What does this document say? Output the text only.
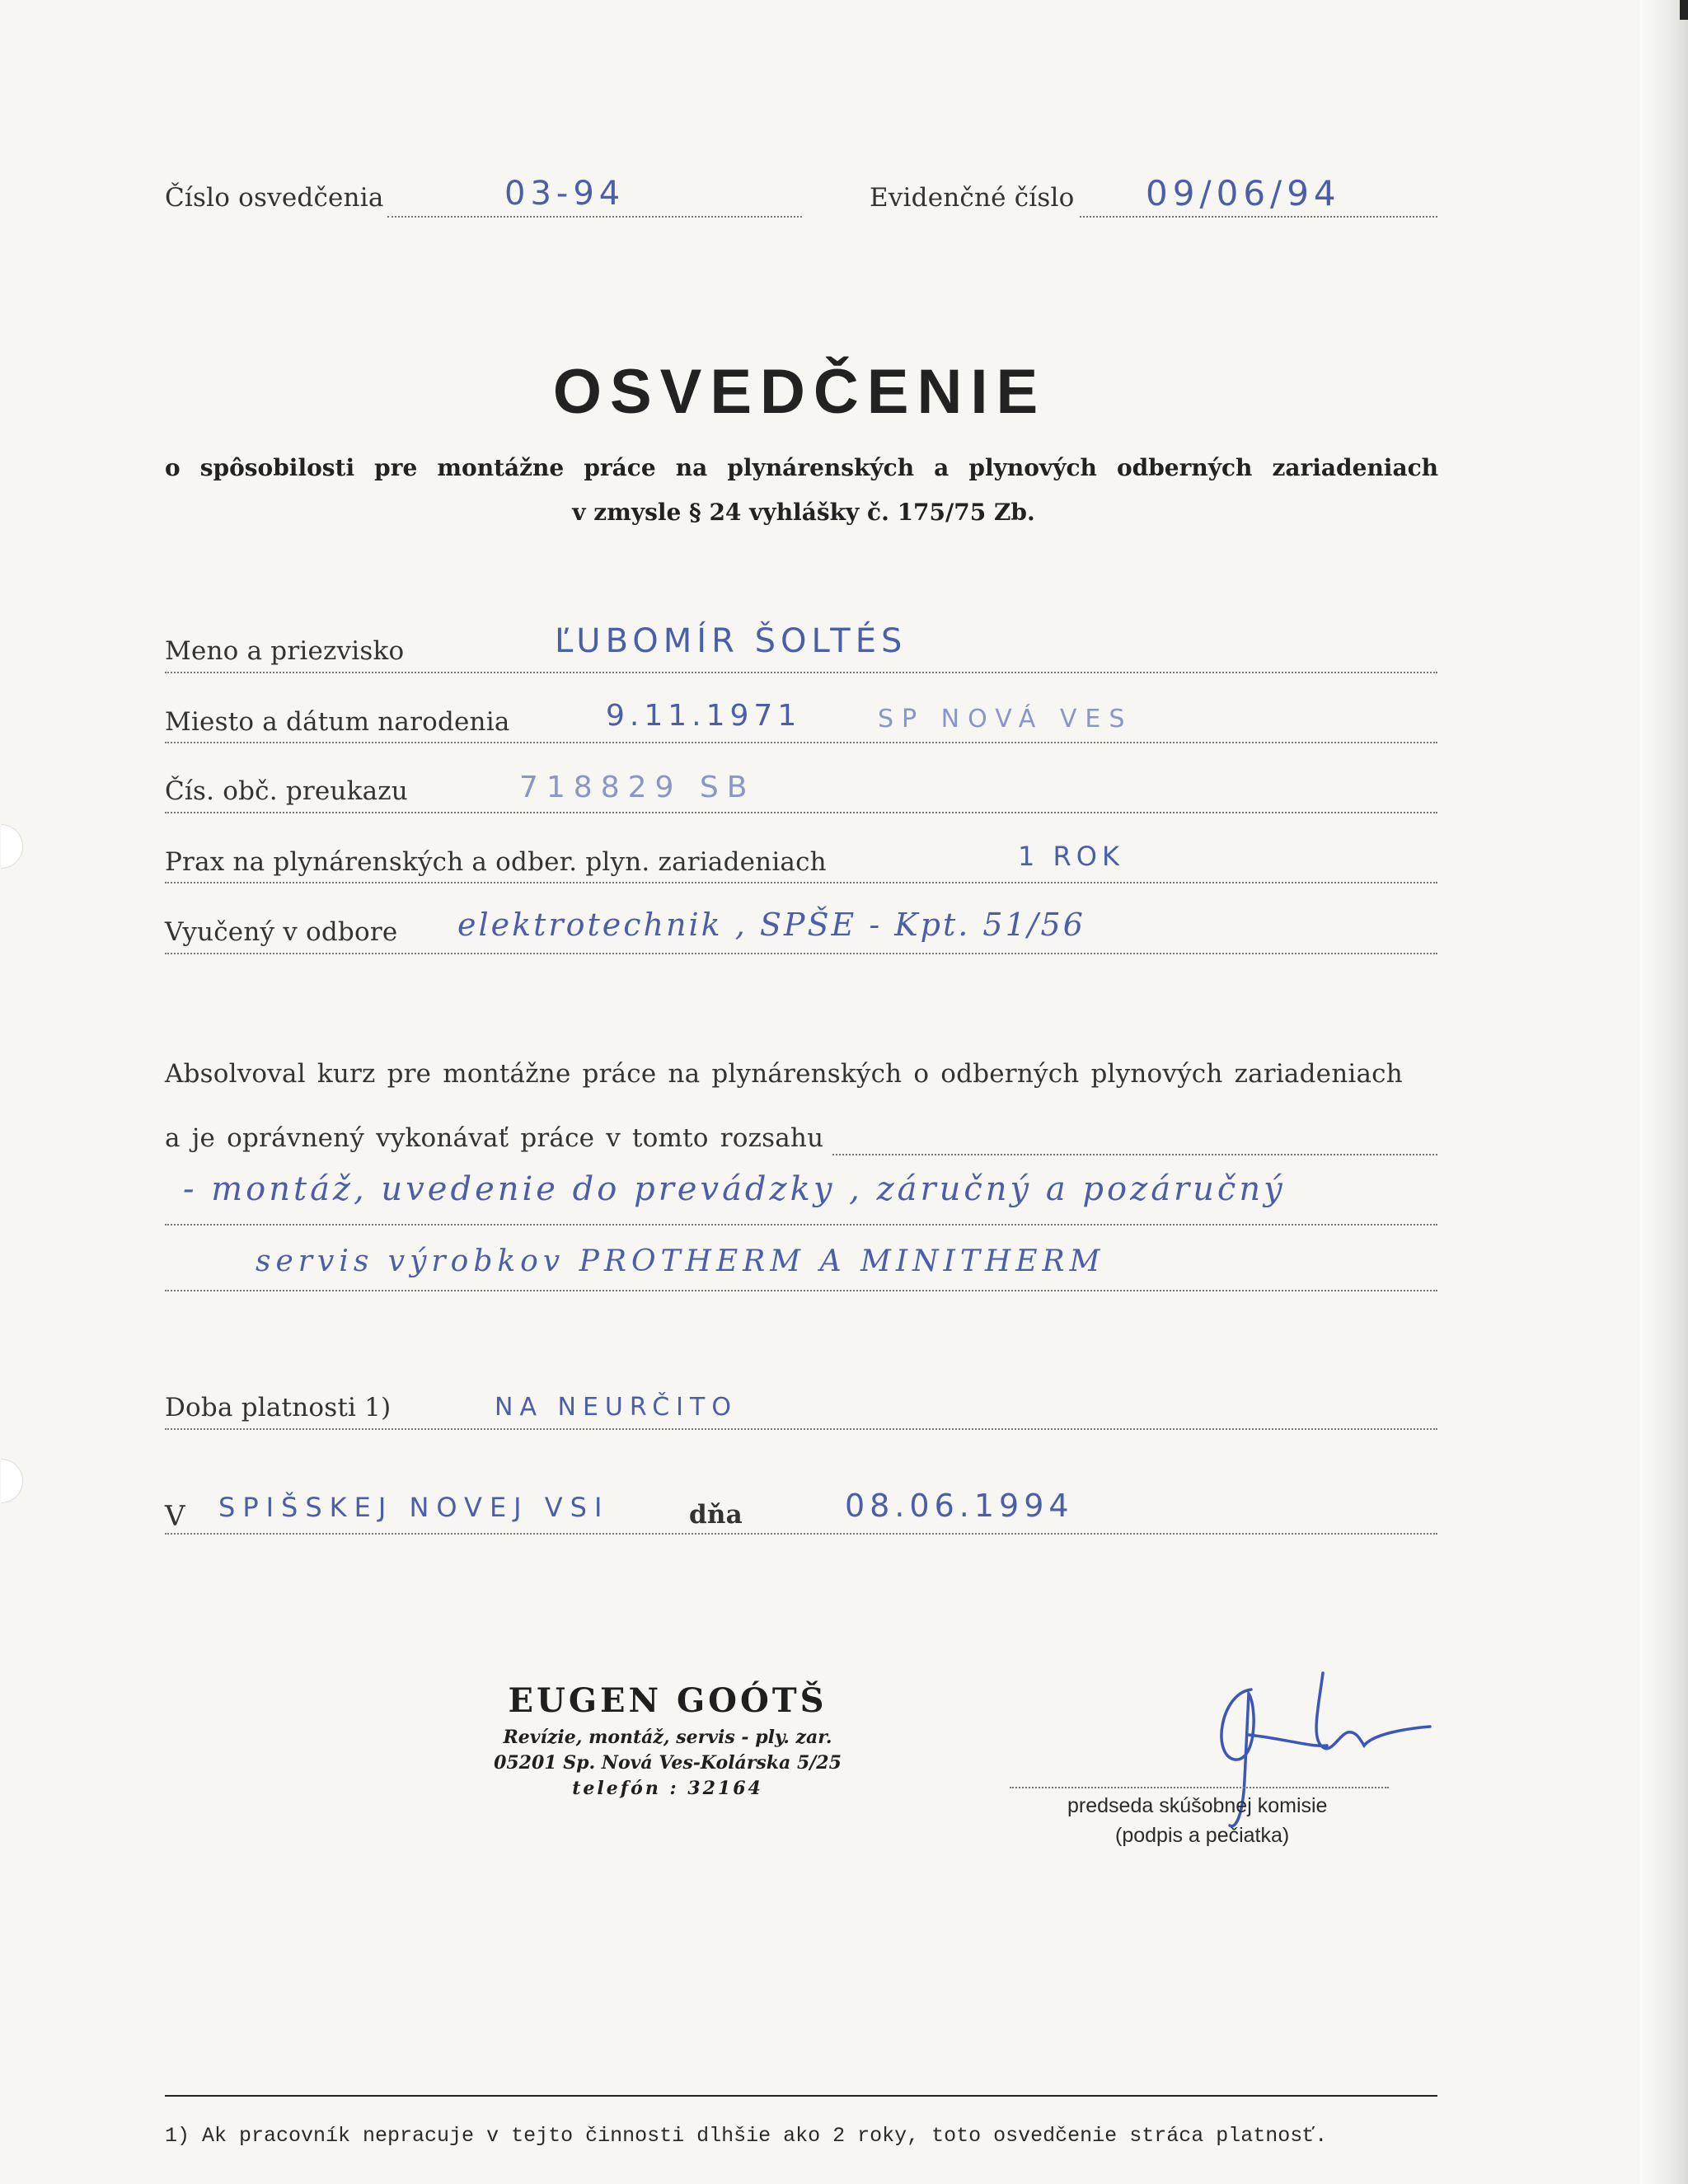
Číslo osvedčenia	03-94	Evidenčné číslo 09/06/94
OSVEDČENIE
o spôsobilosti pre montážne práce na plynárenských a plynových odberných zariadeniach
v zmysle § 24 vyhlášky č. 175/75 Zb.
Meno a priezvisko	ĽUBOMÍR ŠOLTÉS
Miesto a dátum narodenia	9.11.1971	SP NOVÁ VES
Čís. obč. preukazu	718829 SB
Prax na plynárenských a odber. plyn. zariadeniach	1 ROK
Vyučený v odbore elektrotechnik , SPŠE - Kpt. 51/56
Absolvoval kurz pre montážne práce na plynárenských o odberných plynových zariadeniach
a je oprávnený vykonávať práce v tomto rozsahu
- montáž, uvedenie do prevádzky , záručný a pozáručný
servis výrobkov PROTHERM A MINITHERM
Doba platnosti 1)	NA NEURČITO
V SPIŠSKEJ NOVEJ VSI	dňa	08.06.1994
EUGEN GOÓTŠ
Revízie, montáž, servis - ply. zar.
05201 Sp. Nová Ves-Kolárska 5/25
telefón : 32164
predseda skúšobnej komisie
(podpis a pečiatka)
1) Ak pracovník nepracuje v tejto činnosti dlhšie ako 2 roky, toto osvedčenie stráca platnosť.
